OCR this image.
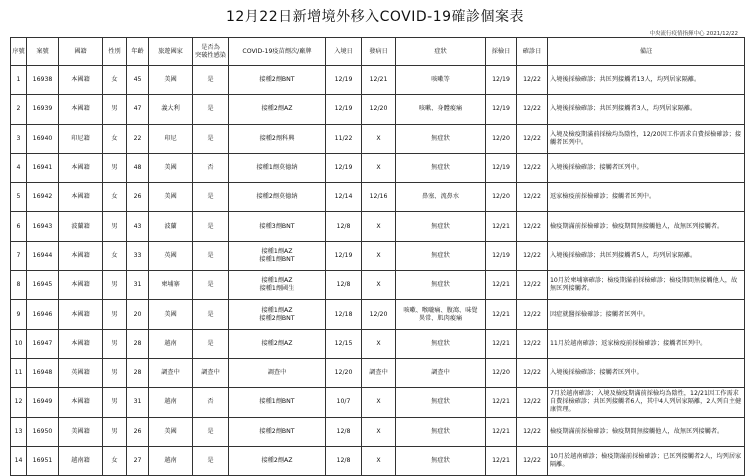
12月22日新增境外移入COVID-19確診個案表
中央流行疫情指揮中心 2021/12/22
序號	案號	國籍	性別	年齡	旅遊國家	是否為
突破性感染	COVID-19疫苗劑次/廠牌	入境日	發病日	症狀	採檢日	確診日	備註
1	16938	本國籍	女	45	美國	是	接種2劑BNT	12/19	12/21	咳嗽等	12/19	12/22	入境後採檢確診；共匡列接觸者13人，均列居家隔離。
2	16939	本國籍	男	47	義大利	是	接種2劑AZ	12/19	12/20	咳嗽、身體痠痛	12/19	12/22	入境後採檢確診；共匡列接觸者3人，均列居家隔離。
3	16940	印尼籍	女	22	印尼	是	接種2劑科興	11/22	X	無症狀	12/20	12/22	入境及檢疫期滿前採檢均為陰性，12/20因工作需求自費採檢確診；接觸者匡列中。
4	16941	本國籍	男	48	美國	否	接種1劑莫德納	12/19	X	無症狀	12/19	12/22	入境後採檢確診；接觸者匡列中。
5	16942	本國籍	女	26	美國	是	接種2劑莫德納	12/14	12/16	鼻塞、流鼻水	12/20	12/22	返家檢疫前採檢確診；接觸者匡列中。
6	16943	波蘭籍	男	43	波蘭	是	接種3劑BNT	12/8	X	無症狀	12/21	12/22	檢疫期滿前採檢確診；檢疫期間無接觸他人，故無匡列接觸者。
7	16944	本國籍	女	33	英國	是	接種1劑AZ
接種1劑BNT	12/19	X	無症狀	12/19	12/22	入境後採檢確診；共匡列接觸者5人，均列居家隔離。
8	16945	本國籍	男	31	柬埔寨	是	接種1劑AZ
接種1劑國生	12/8	X	無症狀	12/21	12/22	10月於柬埔寨確診；檢疫期滿前採檢確診；檢疫期間無接觸他人，故無匡列接觸者。
9	16946	本國籍	男	20	美國	是	接種1劑AZ
接種2劑BNT	12/18	12/20	咳嗽、喉嚨痛、腹瀉、味覺
異常、肌肉痠痛	12/21	12/22	因症就醫採檢確診；接觸者匡列中。
10	16947	本國籍	男	28	越南	是	接種2劑AZ	12/15	X	無症狀	12/21	12/22	11月於越南確診；返家檢疫前採檢確診；接觸者匡列中。
11	16948	英國籍	男	28	調查中	調查中	調查中	12/20	調查中	調查中	12/20	12/22	入境後採檢確診；接觸者匡列中。
12	16949	本國籍	男	31	越南	否	接種1劑BNT	10/7	X	無症狀	12/21	12/22	7月於越南確診；入境及檢疫期滿前採檢均為陰性，12/21因工作需求自費採檢確診；共匡列接觸者6人，其中4人列居家隔離，2人列自主健康管理。
13	16950	美國籍	男	26	美國	是	接種2劑BNT	12/8	X	無症狀	12/21	12/22	檢疫期滿前採檢確診；檢疫期間無接觸他人，故無匡列接觸者。
14	16951	越南籍	女	27	越南	是	接種2劑AZ	12/8	X	無症狀	12/21	12/22	10月於越南確診；檢疫期滿前採檢確診；已匡列接觸者2人，均列居家隔離。
